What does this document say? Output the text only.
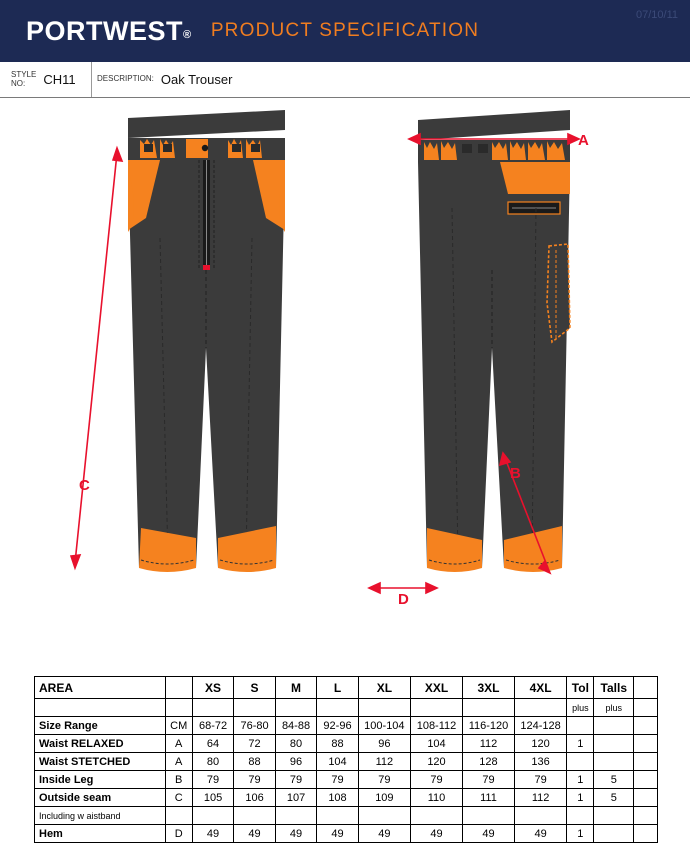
PORTWEST®	PRODUCT SPECIFICATION
07/10/11
STYLE
NO:	CH11	DESCRIPTION: Oak Trouser
A
B
C
D
AREA		XS	S	M	L	XL	XXL	3XL	4XL	Tol	Talls	
										plus	plus	
Size Range	CM	68-72	76-80	84-88	92-96	100-104	108-112	116-120	124-128			
Waist RELAXED	A	64	72	80	88	96	104	112	120	1		
Waist STETCHED	A	80	88	96	104	112	120	128	136			
Inside Leg	B	79	79	79	79	79	79	79	79	1	5	
Outside seam	C	105	106	107	108	109	110	111	112	1	5	
Including w aistband												
Hem	D	49	49	49	49	49	49	49	49	1		
